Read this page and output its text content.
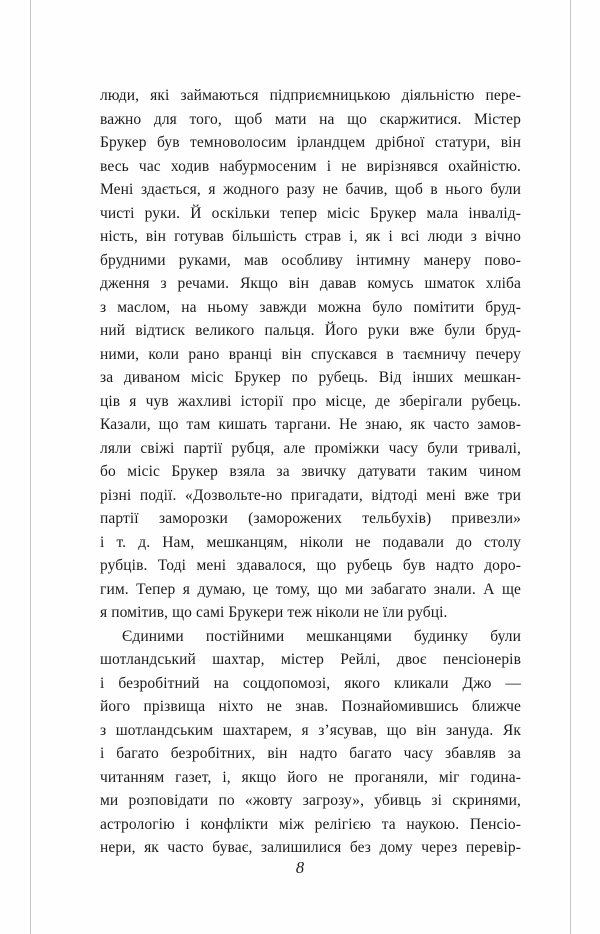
люди, які займаються підприємницькою діяльністю пере-
важно для того, щоб мати на що скаржитися. Містер
Брукер був темноволосим ірландцем дрібної статури, він
весь час ходив набурмосеним і не вирізнявся охайністю.
Мені здається, я жодного разу не бачив, щоб в нього були
чисті руки. Й оскільки тепер місіс Брукер мала інвалід-
ність, він готував більшість страв і, як і всі люди з вічно
брудними руками, мав особливу інтимну манеру пово-
дження з речами. Якщо він давав комусь шматок хліба
з маслом, на ньому завжди можна було помітити бруд-
ний відтиск великого пальця. Його руки вже були бруд-
ними, коли рано вранці він спускався в таємничу печеру
за диваном місіс Брукер по рубець. Від інших мешкан-
ців я чув жахливі історії про місце, де зберігали рубець.
Казали, що там кишать таргани. Не знаю, як часто замов-
ляли свіжі партії рубця, але проміжки часу були тривалі,
бо місіс Брукер взяла за звичку датувати таким чином
різні події. «Дозвольте-но пригадати, відтоді мені вже три
партії заморозки (заморожених тельбухів) привезли»
і т. д. Нам, мешканцям, ніколи не подавали до столу
рубців. Тоді мені здавалося, що рубець був надто доро-
гим. Тепер я думаю, це тому, що ми забагато знали. А ще
я помітив, що самі Брукери теж ніколи не їли рубці.
Єдиними постійними мешканцями будинку були
шотландський шахтар, містер Рейлі, двоє пенсіонерів
і безробітний на соцдопомозі, якого кликали Джо —
його прізвища ніхто не знав. Познайомившись ближче
з шотландським шахтарем, я з’ясував, що він зануда. Як
і багато безробітних, він надто багато часу збавляв за
читанням газет, і, якщо його не проганяли, міг година-
ми розповідати по «жовту загрозу», убивць зі скринями,
астрологію і конфлікти між релігією та наукою. Пенсіо-
нери, як часто буває, залишилися без дому через перевір-
8
